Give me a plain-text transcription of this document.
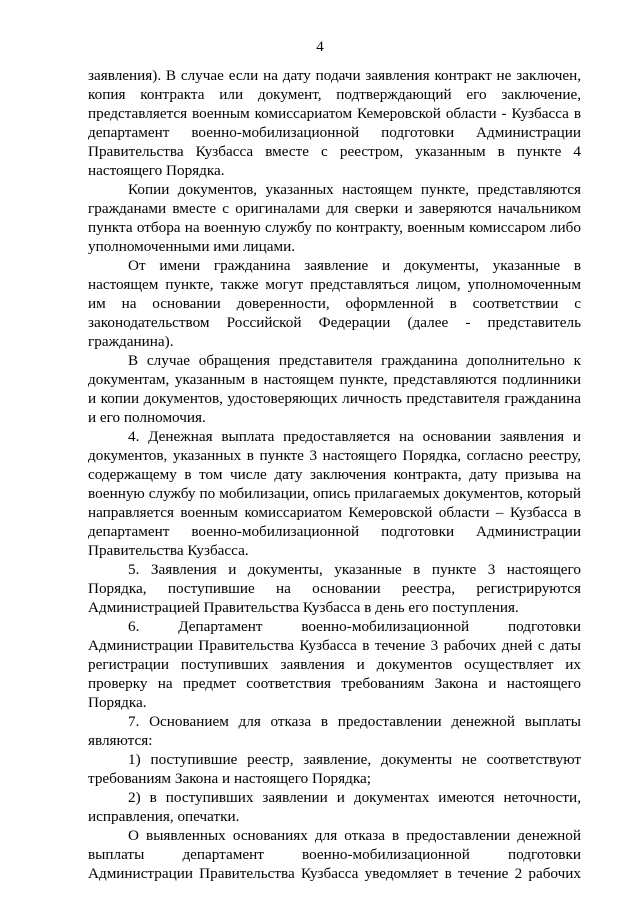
4

заявления). В случае если на дату подачи заявления контракт не заключен, копия контракта или документ, подтверждающий его заключение, представляется военным комиссариатом Кемеровской области - Кузбасса в департамент военно-мобилизационной подготовки Администрации Правительства Кузбасса вместе с реестром, указанным в пункте 4 настоящего Порядка.

Копии документов, указанных настоящем пункте, представляются гражданами вместе с оригиналами для сверки и заверяются начальником пункта отбора на военную службу по контракту, военным комиссаром либо уполномоченными ими лицами.

От имени гражданина заявление и документы, указанные в настоящем пункте, также могут представляться лицом, уполномоченным им на основании доверенности, оформленной в соответствии с законодательством Российской Федерации (далее - представитель гражданина).

В случае обращения представителя гражданина дополнительно к документам, указанным в настоящем пункте, представляются подлинники и копии документов, удостоверяющих личность представителя гражданина и его полномочия.

4. Денежная выплата предоставляется на основании заявления и документов, указанных в пункте 3 настоящего Порядка, согласно реестру, содержащему в том числе дату заключения контракта, дату призыва на военную службу по мобилизации, опись прилагаемых документов, который направляется военным комиссариатом Кемеровской области – Кузбасса в департамент военно-мобилизационной подготовки Администрации Правительства Кузбасса.

5. Заявления и документы, указанные в пункте 3 настоящего Порядка, поступившие на основании реестра, регистрируются Администрацией Правительства Кузбасса в день его поступления.

6. Департамент военно-мобилизационной подготовки Администрации Правительства Кузбасса в течение 3 рабочих дней с даты регистрации поступивших заявления и документов осуществляет их проверку на предмет соответствия требованиям Закона и настоящего Порядка.

7. Основанием для отказа в предоставлении денежной выплаты являются:

1) поступившие реестр, заявление, документы не соответствуют требованиям Закона и настоящего Порядка;

2) в поступивших заявлении и документах имеются неточности, исправления, опечатки.

О выявленных основаниях для отказа в предоставлении денежной выплаты департамент военно-мобилизационной подготовки Администрации Правительства Кузбасса уведомляет в течение 2 рабочих
